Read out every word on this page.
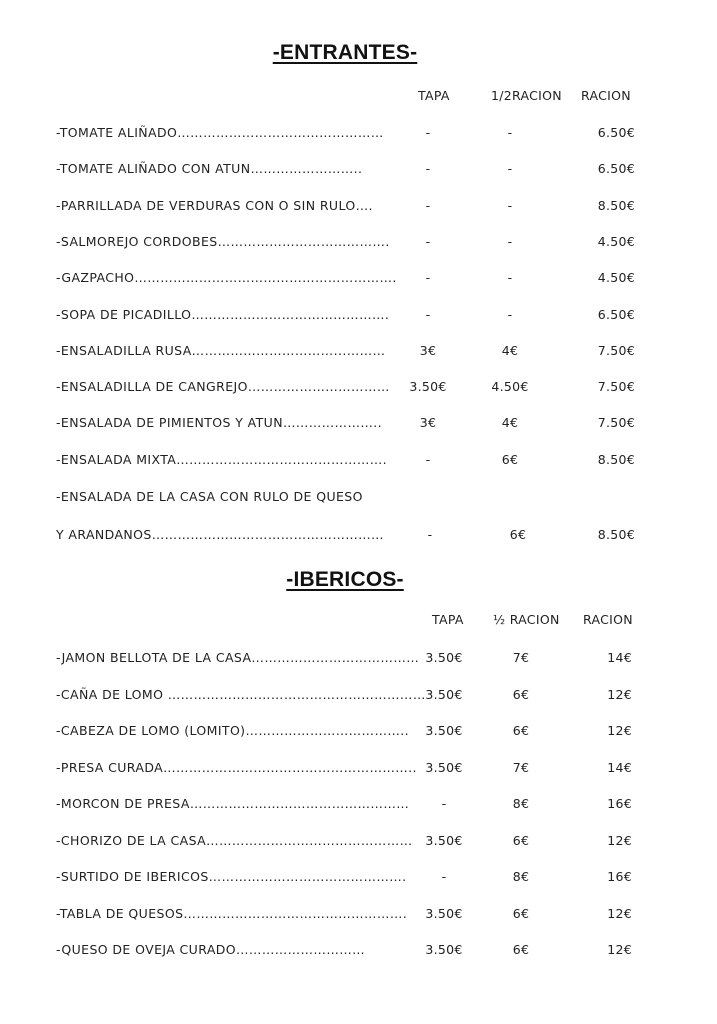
-ENTRANTES-
TAPA	1/2RACION RACION
-TOMATE ALIÑADO…………………………………………	-	-	6.50€
-TOMATE ALIÑADO CON ATUN……………………..	-	-	6.50€
-PARRILLADA DE VERDURAS CON O SIN RULO….	-	-	8.50€
-SALMOREJO CORDOBES………………………………….	-	-	4.50€
-GAZPACHO……………………………………………………. -	-	4.50€
-SOPA DE PICADILLO……………………………………….	-	-	6.50€
-ENSALADILLA RUSA……………………………...………	3€	4€	7.50€
-ENSALADILLA DE CANGREJO…………………………… 3.50€	4.50€	7.50€
-ENSALADA DE PIMIENTOS Y ATUN…………………..	3€	4€	7.50€
-ENSALADA MIXTA………………………………………….	-	6€	8.50€
-ENSALADA DE LA CASA CON RULO DE QUESO
Y ARANDANOS………………………………………………	-	6€	8.50€
-IBERICOS-
TAPA ½ RACION RACION
-JAMON BELLOTA DE LA CASA………………………………… 3.50€	7€	14€
-CAÑA DE LOMO …………………………………………………… 3.50€	6€	12€
-CABEZA DE LOMO (LOMITO)……………………………….. 3.50€	6€	12€
-PRESA CURADA………………………………………………….. 3.50€	7€	14€
-MORCON DE PRESA……………………………………………	-	8€	16€
-CHORIZO DE LA CASA………………………………………… 3.50€	6€	12€
-SURTIDO DE IBERICOS……………………………………….	-	8€	16€
-TABLA DE QUESOS……………………………………………. 3.50€	6€	12€
-QUESO DE OVEJA CURADO…………………………	3.50€	6€	12€
